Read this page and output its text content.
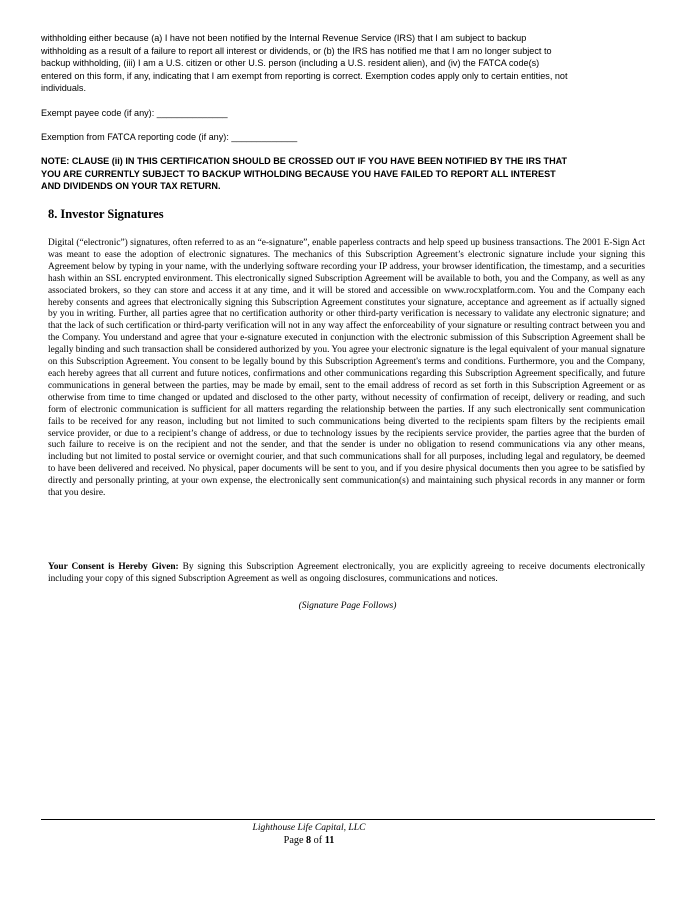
withholding either because (a) I have not been notified by the Internal Revenue Service (IRS) that I am subject to backup withholding as a result of a failure to report all interest or dividends, or (b) the IRS has notified me that I am no longer subject to backup withholding, (iii) I am a U.S. citizen or other U.S. person (including a U.S. resident alien), and (iv) the FATCA code(s) entered on this form, if any, indicating that I am exempt from reporting is correct. Exemption codes apply only to certain entities, not individuals.
Exempt payee code (if any): ______________
Exemption from FATCA reporting code (if any): _____________
NOTE: CLAUSE (ii) IN THIS CERTIFICATION SHOULD BE CROSSED OUT IF YOU HAVE BEEN NOTIFIED BY THE IRS THAT YOU ARE CURRENTLY SUBJECT TO BACKUP WITHOLDING BECAUSE YOU HAVE FAILED TO REPORT ALL INTEREST AND DIVIDENDS ON YOUR TAX RETURN.
8. Investor Signatures
Digital (“electronic”) signatures, often referred to as an “e-signature”, enable paperless contracts and help speed up business transactions. The 2001 E-Sign Act was meant to ease the adoption of electronic signatures. The mechanics of this Subscription Agreement’s electronic signature include your signing this Agreement below by typing in your name, with the underlying software recording your IP address, your browser identification, the timestamp, and a securities hash within an SSL encrypted environment. This electronically signed Subscription Agreement will be available to both, you and the Company, as well as any associated brokers, so they can store and access it at any time, and it will be stored and accessible on www.rocxplatform.com. You and the Company each hereby consents and agrees that electronically signing this Subscription Agreement constitutes your signature, acceptance and agreement as if actually signed by you in writing. Further, all parties agree that no certification authority or other third-party verification is necessary to validate any electronic signature; and that the lack of such certification or third-party verification will not in any way affect the enforceability of your signature or resulting contract between you and the Company. You understand and agree that your e-signature executed in conjunction with the electronic submission of this Subscription Agreement shall be legally binding and such transaction shall be considered authorized by you. You agree your electronic signature is the legal equivalent of your manual signature on this Subscription Agreement. You consent to be legally bound by this Subscription Agreement's terms and conditions. Furthermore, you and the Company, each hereby agrees that all current and future notices, confirmations and other communications regarding this Subscription Agreement specifically, and future communications in general between the parties, may be made by email, sent to the email address of record as set forth in this Subscription Agreement or as otherwise from time to time changed or updated and disclosed to the other party, without necessity of confirmation of receipt, delivery or reading, and such form of electronic communication is sufficient for all matters regarding the relationship between the parties. If any such electronically sent communication fails to be received for any reason, including but not limited to such communications being diverted to the recipients spam filters by the recipients email service provider, or due to a recipient’s change of address, or due to technology issues by the recipients service provider, the parties agree that the burden of such failure to receive is on the recipient and not the sender, and that the sender is under no obligation to resend communications via any other means, including but not limited to postal service or overnight courier, and that such communications shall for all purposes, including legal and regulatory, be deemed to have been delivered and received. No physical, paper documents will be sent to you, and if you desire physical documents then you agree to be satisfied by directly and personally printing, at your own expense, the electronically sent communication(s) and maintaining such physical records in any manner or form that you desire.
Your Consent is Hereby Given: By signing this Subscription Agreement electronically, you are explicitly agreeing to receive documents electronically including your copy of this signed Subscription Agreement as well as ongoing disclosures, communications and notices.
(Signature Page Follows)
Lighthouse Life Capital, LLC
Page 8 of 11
